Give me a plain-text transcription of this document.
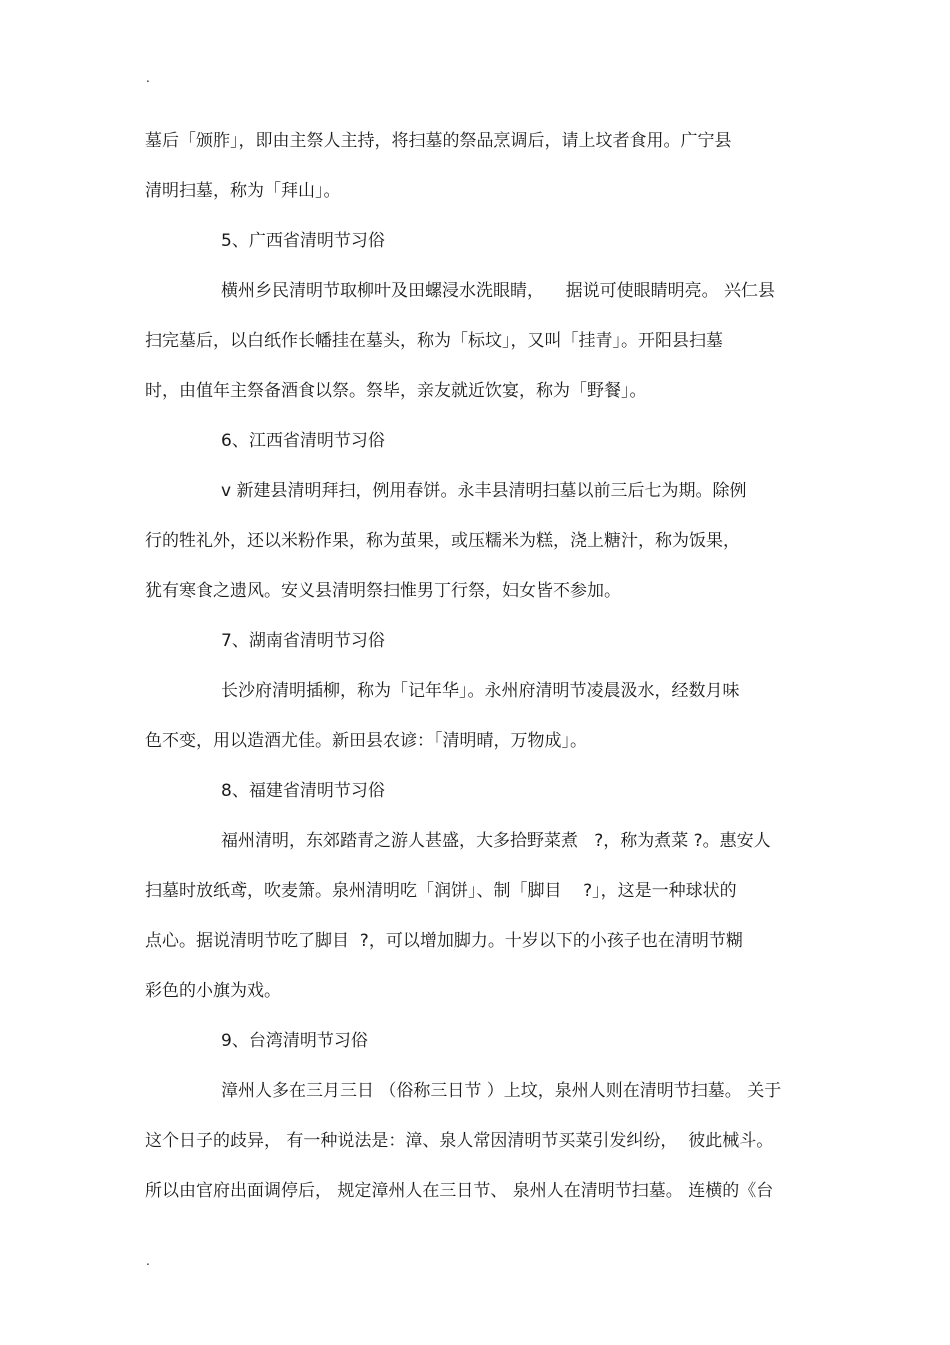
.
墓后「颁胙」，即由主祭人主持，将扫墓的祭品烹调后，请上坟者食用。广宁县
清明扫墓，称为「拜山」。
5、广西省清明节习俗
横州乡民清明节取柳叶及田螺浸水洗眼睛，    据说可使眼睛明亮。 兴仁县
扫完墓后，以白纸作长幡挂在墓头，称为「标坟」，又叫「挂青」。开阳县扫墓
时，由值年主祭备酒食以祭。祭毕，亲友就近饮宴，称为「野餐」。
6、江西省清明节习俗
v 新建县清明拜扫，例用春饼。永丰县清明扫墓以前三后七为期。除例
行的牲礼外，还以米粉作果，称为茧果，或压糯米为糕，浇上糖汁，称为饭果，
犹有寒食之遗风。安义县清明祭扫惟男丁行祭，妇女皆不参加。
7、湖南省清明节习俗
长沙府清明插柳，称为「记年华」。永州府清明节凌晨汲水，经数月味
色不变，用以造酒尤佳。新田县农谚：「清明晴，万物成」。
8、福建省清明节习俗
福州清明，东郊踏青之游人甚盛，大多拾野菜煮   ?，称为煮菜 ?。惠安人
扫墓时放纸鸢，吹麦箫。泉州清明吃「润饼」、制「脚目    ?」，这是一种球状的
点心。据说清明节吃了脚目  ?，可以增加脚力。十岁以下的小孩子也在清明节糊
彩色的小旗为戏。
9、台湾清明节习俗
漳州人多在三月三日 （俗称三日节 ）上坟，泉州人则在清明节扫墓。 关于
这个日子的歧异， 有一种说法是：漳、泉人常因清明节买菜引发纠纷，  彼此械斗。
所以由官府出面调停后， 规定漳州人在三日节、 泉州人在清明节扫墓。 连横的《台
.
